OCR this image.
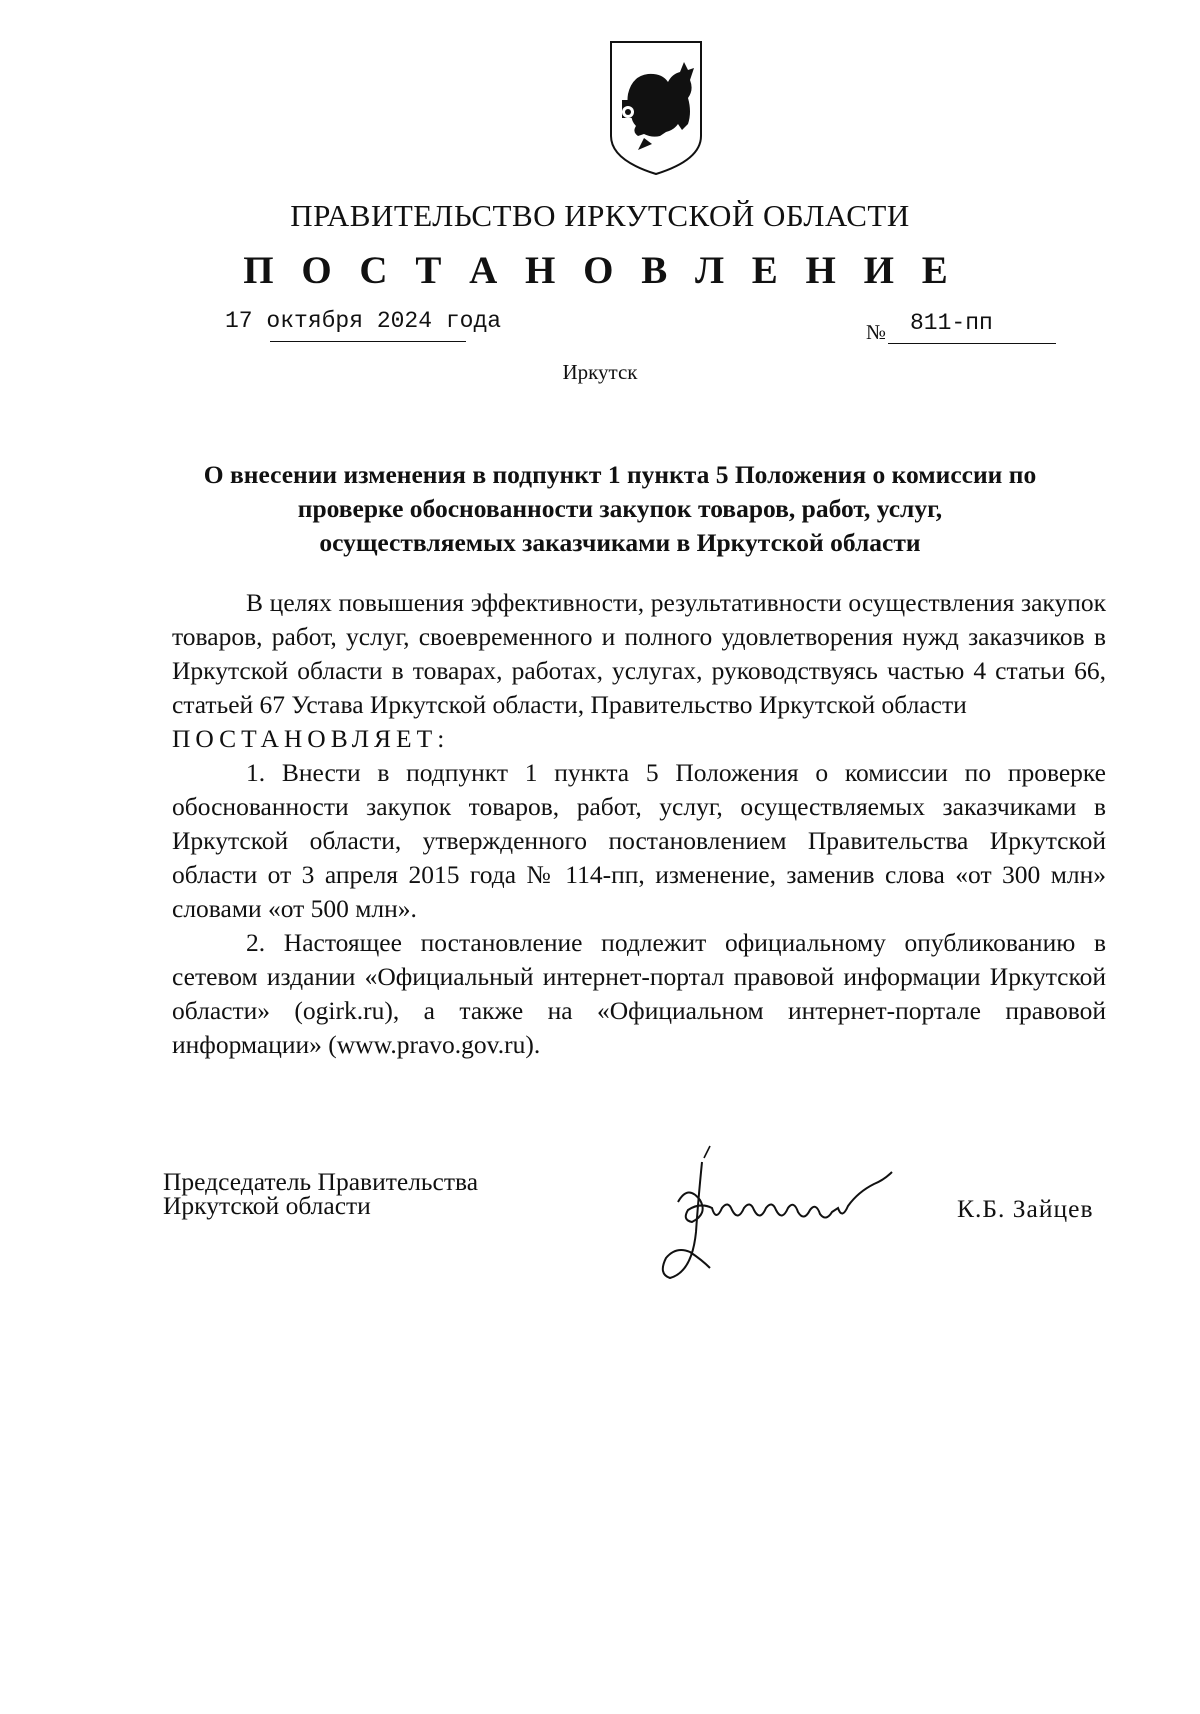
ПРАВИТЕЛЬСТВО ИРКУТСКОЙ ОБЛАСТИ
П О С Т А Н О В Л Е Н И Е
17 октября 2024 года	№ 811-пп
Иркутск
О внесении изменения в подпункт 1 пункта 5 Положения о комиссии по
проверке обоснованности закупок товаров, работ, услуг,
осуществляемых заказчиками в Иркутской области

В целях повышения эффективности, результативности осуществления закупок товаров, работ, услуг, своевременного и полного удовлетворения нужд заказчиков в Иркутской области в товарах, работах, услугах, руководствуясь частью 4 статьи 66, статьей 67 Устава Иркутской области, Правительство Иркутской области

ПОСТАНОВЛЯЕТ:

1. Внести в подпункт 1 пункта 5 Положения о комиссии по проверке обоснованности закупок товаров, работ, услуг, осуществляемых заказчиками в Иркутской области, утвержденного постановлением Правительства Иркутской области от 3 апреля 2015 года № 114-пп, изменение, заменив слова «от 300 млн» словами «от 500 млн».

2. Настоящее постановление подлежит официальному опубликованию в сетевом издании «Официальный интернет-портал правовой информации Иркутской области» (ogirk.ru), а также на «Официальном интернет-портале правовой информации» (www.pravo.gov.ru).

Председатель Правительства
Иркутской области	К.Б. Зайцев
